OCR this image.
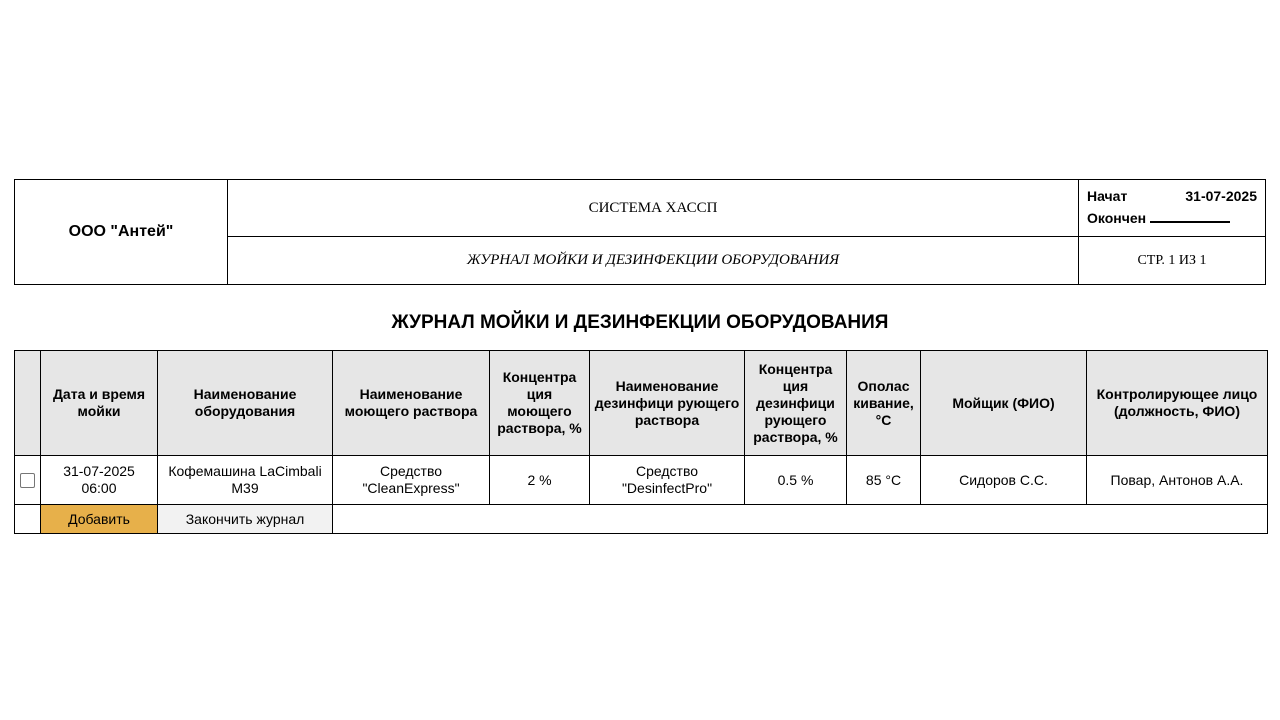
ООО "Антей"	СИСТЕМА ХАССП	Начат 31-07-2025
Окончен

	ЖУРНАЛ МОЙКИ И ДЕЗИНФЕКЦИИ ОБОРУДОВАНИЯ	СТР. 1 ИЗ 1
ЖУРНАЛ МОЙКИ И ДЕЗИНФЕКЦИИ ОБОРУДОВАНИЯ
	Дата и время мойки	Наименование оборудования	Наименование моющего раствора	Концентра ция моющего раствора, %	Наименование дезинфици рующего раствора	Концентра ция дезинфици рующего раствора, %	Ополас кивание, °C	Мойщик (ФИО)	Контролирующее лицо (должность, ФИО)
	31-07-2025 06:00	Кофемашина LaCimbali M39	Средство "CleanExpress"	2 %	Средство "DesinfectPro"	0.5 %	85 °C	Сидоров С.С.	Повар, Антонов А.А.

	Добавить	Закончить журнал							
